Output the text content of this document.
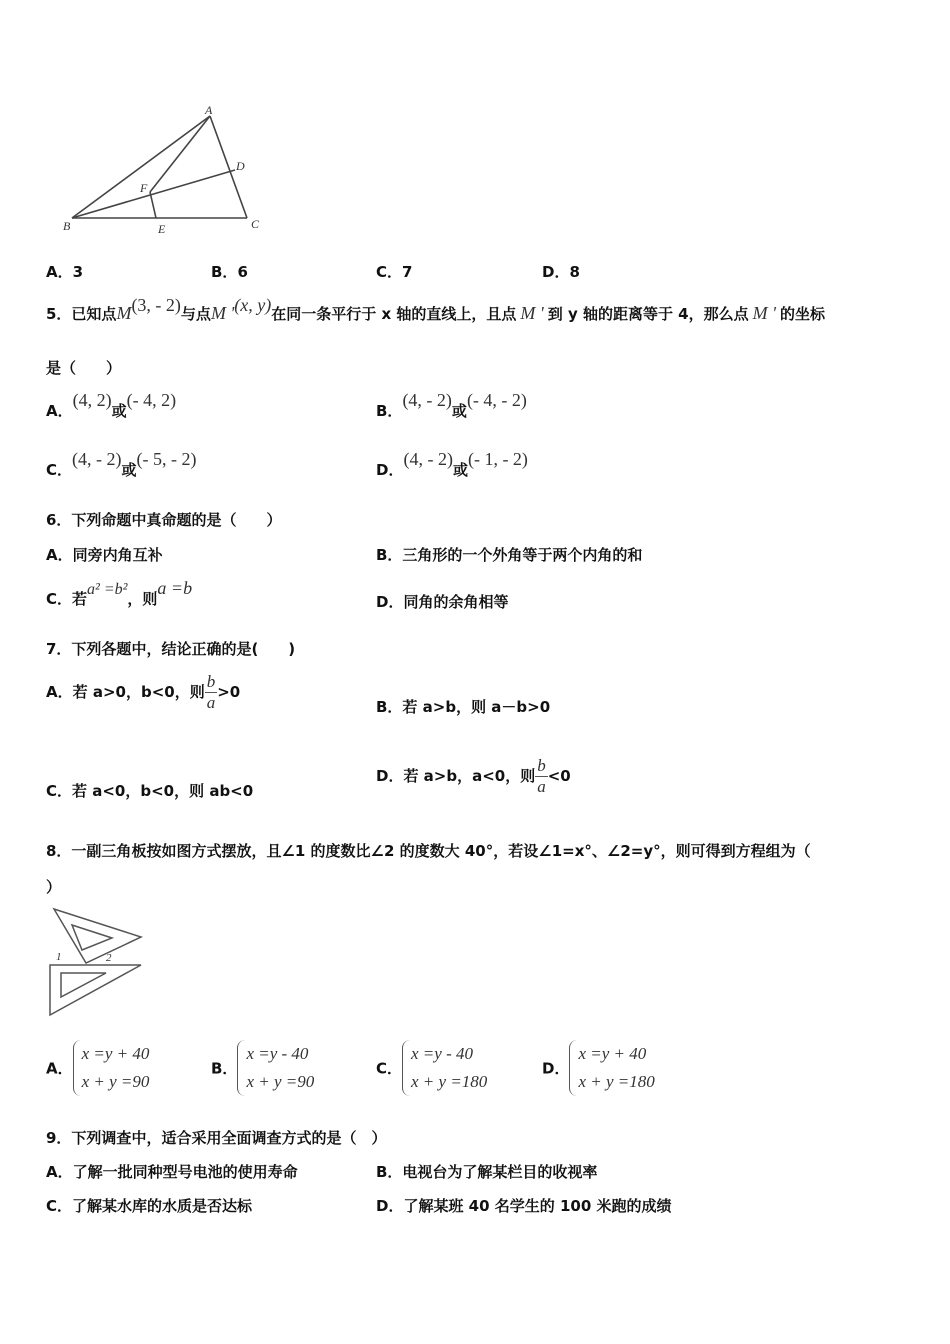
A
D
F
B	E	C
A．3	B．6	C．7	D．8
5．已知点M(3, - 2)与点M '(x, y)在同一条平行于 x 轴的直线上，且点 M ' 到 y 轴的距离等于 4，那么点 M ' 的坐标
是（　　）
A．(4, 2)或(- 4, 2)
B．(4, - 2)或(- 4, - 2)
C．(4, - 2)或(- 5, - 2)
D．(4, - 2)或(- 1, - 2)
6．下列命题中真命题的是（　　）
A．同旁内角互补	B．三角形的一个外角等于两个内角的和
C．若a² =b²，则a =b
D．同角的余角相等
7．下列各题中，结论正确的是(　　)
A．若 a>0，b<0，则 $\frac{b}{a} >0$
B．若 a>b，则 a－b>0
C．若 a<0，b<0，则 ab<0
D．若 a>b，a<0，则 $\frac{b}{a} <0$
8．一副三角板按如图方式摆放，且∠1 的度数比∠2 的度数大 40°，若设∠1=x°、∠2=y°，则可得到方程组为（
）
1	2
A．x =y + 40
x + y =90
B．x =y - 40
x + y =90
C．x =y - 40
x + y =180
D．x =y + 40
x + y =180
9．下列调查中，适合采用全面调查方式的是（　）
A．了解一批同种型号电池的使用寿命	B．电视台为了解某栏目的收视率
C．了解某水库的水质是否达标	D．了解某班 40 名学生的 100 米跑的成绩
